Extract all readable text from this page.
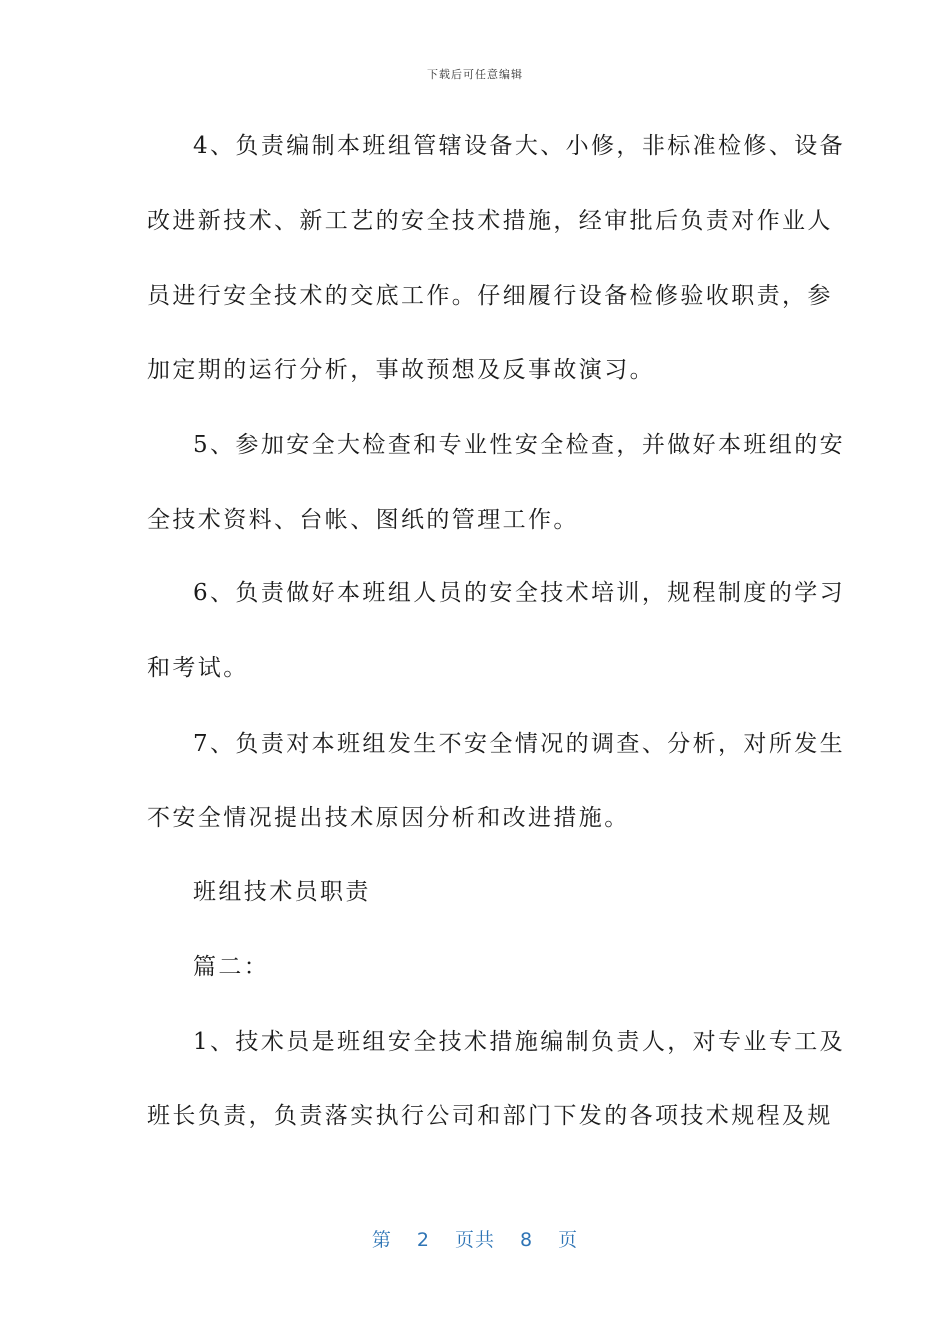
下载后可任意编辑
4、负责编制本班组管辖设备大、小修，非标准检修、设备
改进新技术、新工艺的安全技术措施，经审批后负责对作业人
员进行安全技术的交底工作。仔细履行设备检修验收职责，参
加定期的运行分析，事故预想及反事故演习。
5、参加安全大检查和专业性安全检查，并做好本班组的安
全技术资料、台帐、图纸的管理工作。
6、负责做好本班组人员的安全技术培训，规程制度的学习
和考试。
7、负责对本班组发生不安全情况的调查、分析，对所发生
不安全情况提出技术原因分析和改进措施。
班组技术员职责
篇二：
1、技术员是班组安全技术措施编制负责人，对专业专工及
班长负责，负责落实执行公司和部门下发的各项技术规程及规
第 2 页共 8 页
